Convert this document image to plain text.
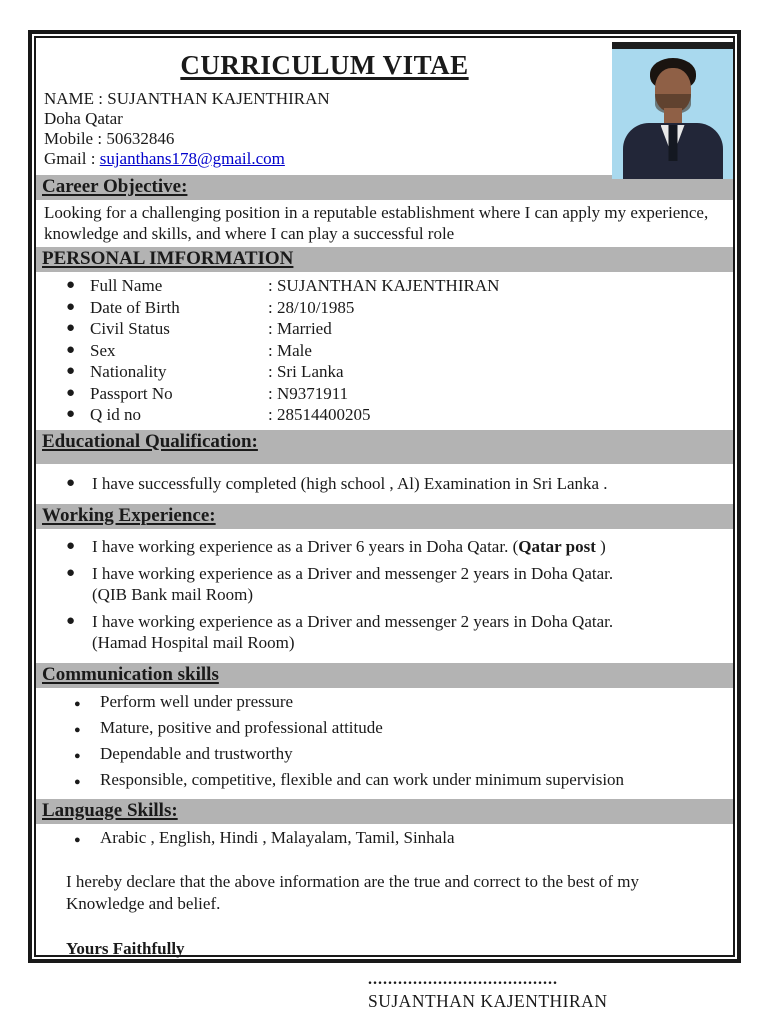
CURRICULUM VITAE
NAME : SUJANTHAN KAJENTHIRAN
Doha Qatar
Mobile : 50632846
Gmail : sujanthans178@gmail.com
Career Objective:
Looking for a challenging position in a reputable establishment where I can apply my experience, knowledge and skills, and where I can play a successful role
PERSONAL IMFORMATION
● Full Name	: SUJANTHAN KAJENTHIRAN
● Date of Birth	: 28/10/1985
● Civil Status	: Married
● Sex	: Male
● Nationality	: Sri Lanka
● Passport No	: N9371911
● Q id no	: 28514400205
Educational Qualification:
● I have successfully completed (high school , Al) Examination in Sri Lanka .
Working Experience:
● I have working experience as a Driver 6 years in Doha Qatar. (Qatar post )
● I have working experience as a Driver and messenger 2 years in Doha Qatar.
(QIB Bank mail Room)
● I have working experience as a Driver and messenger 2 years in Doha Qatar.
(Hamad Hospital mail Room)
Communication skills
●	Perform well under pressure
●	Mature, positive and professional attitude
●	Dependable and trustworthy
●	Responsible, competitive, flexible and can work under minimum supervision
Language Skills:
●	Arabic , English, Hindi , Malayalam, Tamil, Sinhala
I hereby declare that the above information are the true and correct to the best of my Knowledge and belief.
Yours Faithfully
......................................
SUJANTHAN KAJENTHIRAN
